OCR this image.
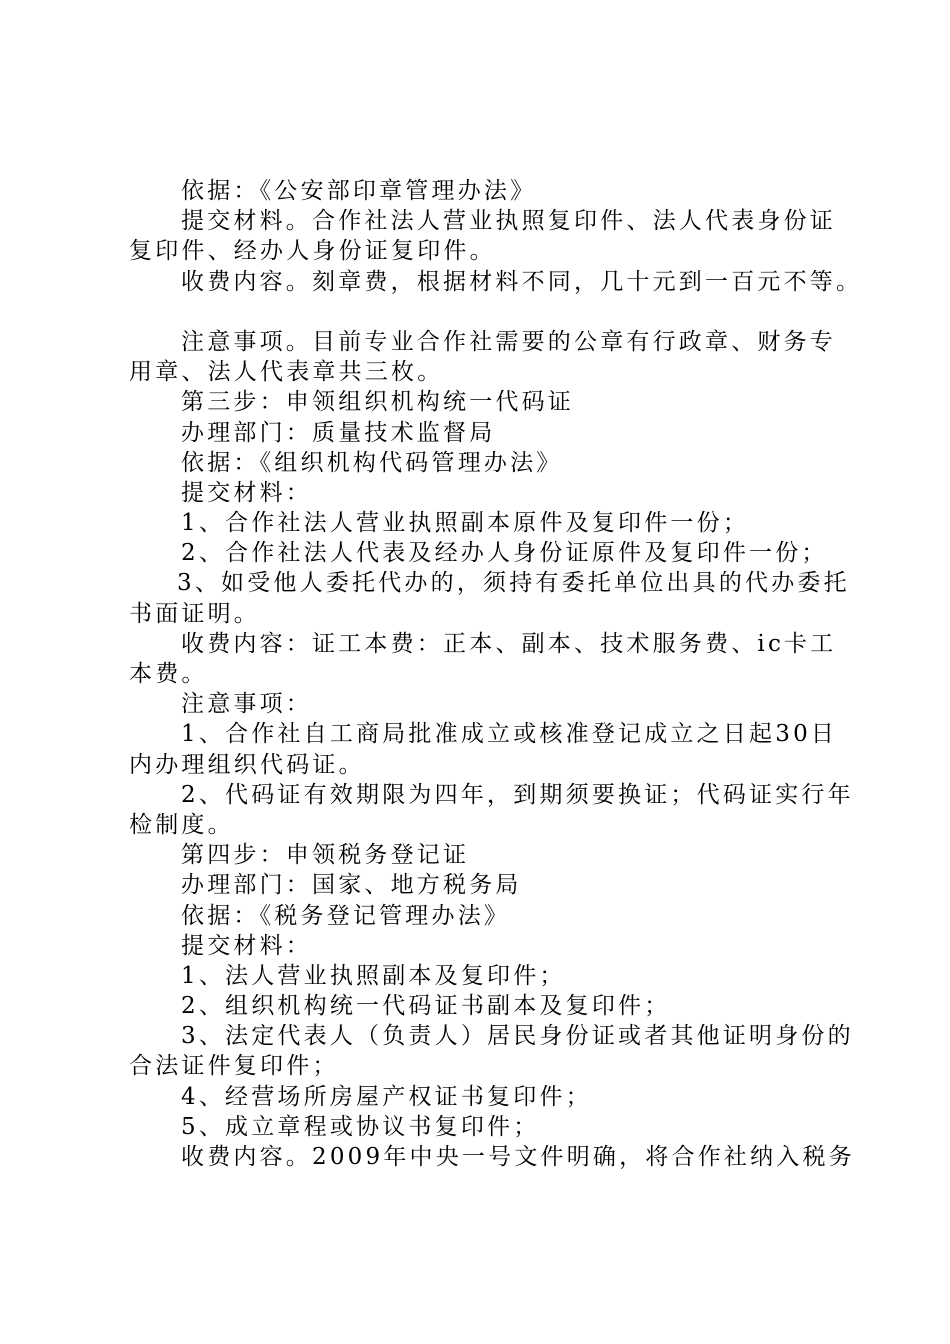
依据：《公安部印章管理办法》
提交材料。合作社法人营业执照复印件、法人代表身份证
复印件、经办人身份证复印件。
收费内容。刻章费，根据材料不同，几十元到一百元不等。
注意事项。目前专业合作社需要的公章有行政章、财务专
用章、法人代表章共三枚。
第三步：申领组织机构统一代码证
办理部门：质量技术监督局
依据：《组织机构代码管理办法》
提交材料：
1、合作社法人营业执照副本原件及复印件一份；
2、合作社法人代表及经办人身份证原件及复印件一份；
3、如受他人委托代办的，须持有委托单位出具的代办委托
书面证明。
收费内容：证工本费：正本、副本、技术服务费、ic卡工
本费。
注意事项：
1、合作社自工商局批准成立或核准登记成立之日起30日
内办理组织代码证。
2、代码证有效期限为四年，到期须要换证；代码证实行年
检制度。
第四步：申领税务登记证
办理部门：国家、地方税务局
依据：《税务登记管理办法》
提交材料：
1、法人营业执照副本及复印件；
2、组织机构统一代码证书副本及复印件；
3、法定代表人（负责人）居民身份证或者其他证明身份的
合法证件复印件；
4、经营场所房屋产权证书复印件；
5、成立章程或协议书复印件；
收费内容。2009年中央一号文件明确，将合作社纳入税务
